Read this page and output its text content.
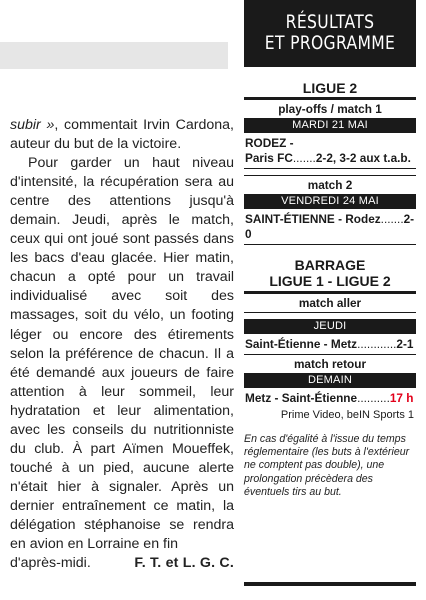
subir », commentait Irvin Cardona, auteur du but de la victoire.

Pour garder un haut niveau d'intensité, la récupération sera au centre des attentions jusqu'à demain. Jeudi, après le match, ceux qui ont joué sont passés dans les bacs d'eau glacée. Hier matin, chacun a opté pour un travail individualisé avec soit des massages, soit du vélo, un footing léger ou encore des étirements selon la préférence de chacun. Il a été demandé aux joueurs de faire attention à leur sommeil, leur hydratation et leur alimentation, avec les conseils du nutritionniste du club. À part Aïmen Moueffek, touché à un pied, aucune alerte n'était hier à signaler. Après un dernier entraînement ce matin, la délégation stéphanoise se rendra en avion en Lorraine en fin

d'après-midi.	F. T. et L. G. C.
RÉSULTATS
ET PROGRAMME
LIGUE 2
play-offs / match 1
MARDI 21 MAI
RODEZ -
Paris FC.......2-2, 3-2 aux t.a.b.
match 2
VENDREDI 24 MAI
SAINT-ÉTIENNE - Rodez.......2-0
BARRAGE
LIGUE 1 - LIGUE 2
match aller
JEUDI
Saint-Étienne - Metz............2-1
match retour
DEMAIN
Metz - Saint-Étienne..........17 h
Prime Video, beIN Sports 1
En cas d'égalité à l'issue du temps réglementaire (les buts à l'extérieur ne comptent pas double), une prolongation précèdera des éventuels tirs au but.
